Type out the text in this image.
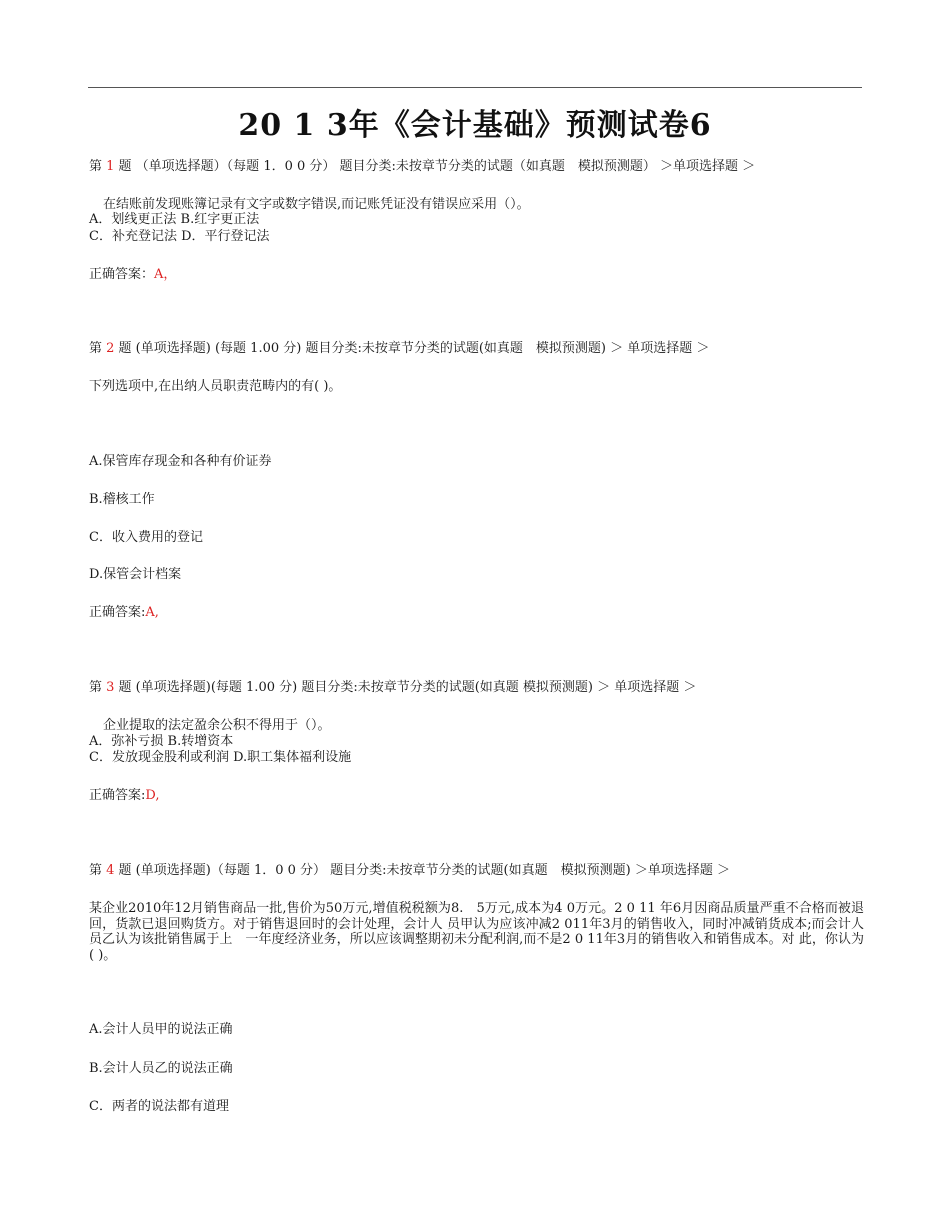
20 1 3年《会计基础》预测试卷6
第 1 题 （单项选择题）（每题 1．0 0 分） 题目分类:未按章节分类的试题（如真题　模拟预测题） ＞单项选择题 ＞
在结账前发现账簿记录有文字或数字错误,而记账凭证没有错误应采用（）。
A．划线更正法 B.红字更正法
C．补充登记法 D．平行登记法
正确答案：A，
第 2 题 (单项选择题) (每题 1.00 分) 题目分类:未按章节分类的试题(如真题　模拟预测题) ＞ 单项选择题 ＞
下列选项中,在出纳人员职责范畴内的有( )。
A.保管库存现金和各种有价证券
B.稽核工作
C．收入费用的登记
D.保管会计档案
正确答案:A,
第 3 题 (单项选择题)(每题 1.00 分) 题目分类:未按章节分类的试题(如真题 模拟预测题) ＞ 单项选择题 ＞
企业提取的法定盈余公积不得用于（）。
A．弥补亏损 B.转增资本
C．发放现金股利或利润 D.职工集体福利设施
正确答案:D,
第 4 题 (单项选择题)（每题 1．0 0 分） 题目分类:未按章节分类的试题(如真题　模拟预测题) ＞单项选择题 ＞
某企业2010年12月销售商品一批,售价为50万元,增值税税额为8.　5万元,成本为4 0万元。2 0 11 年6月因商品质量严重不合格而被退回，货款已退回购货方。对于销售退回时的会计处理，会计人 员甲认为应该冲减2 011年3月的销售收入，同时冲减销货成本;而会计人员乙认为该批销售属于上　一年度经济业务，所以应该调整期初未分配利润,而不是2 0 11年3月的销售收入和销售成本。对 此，你认为( )。
A.会计人员甲的说法正确
B.会计人员乙的说法正确
C．两者的说法都有道理
